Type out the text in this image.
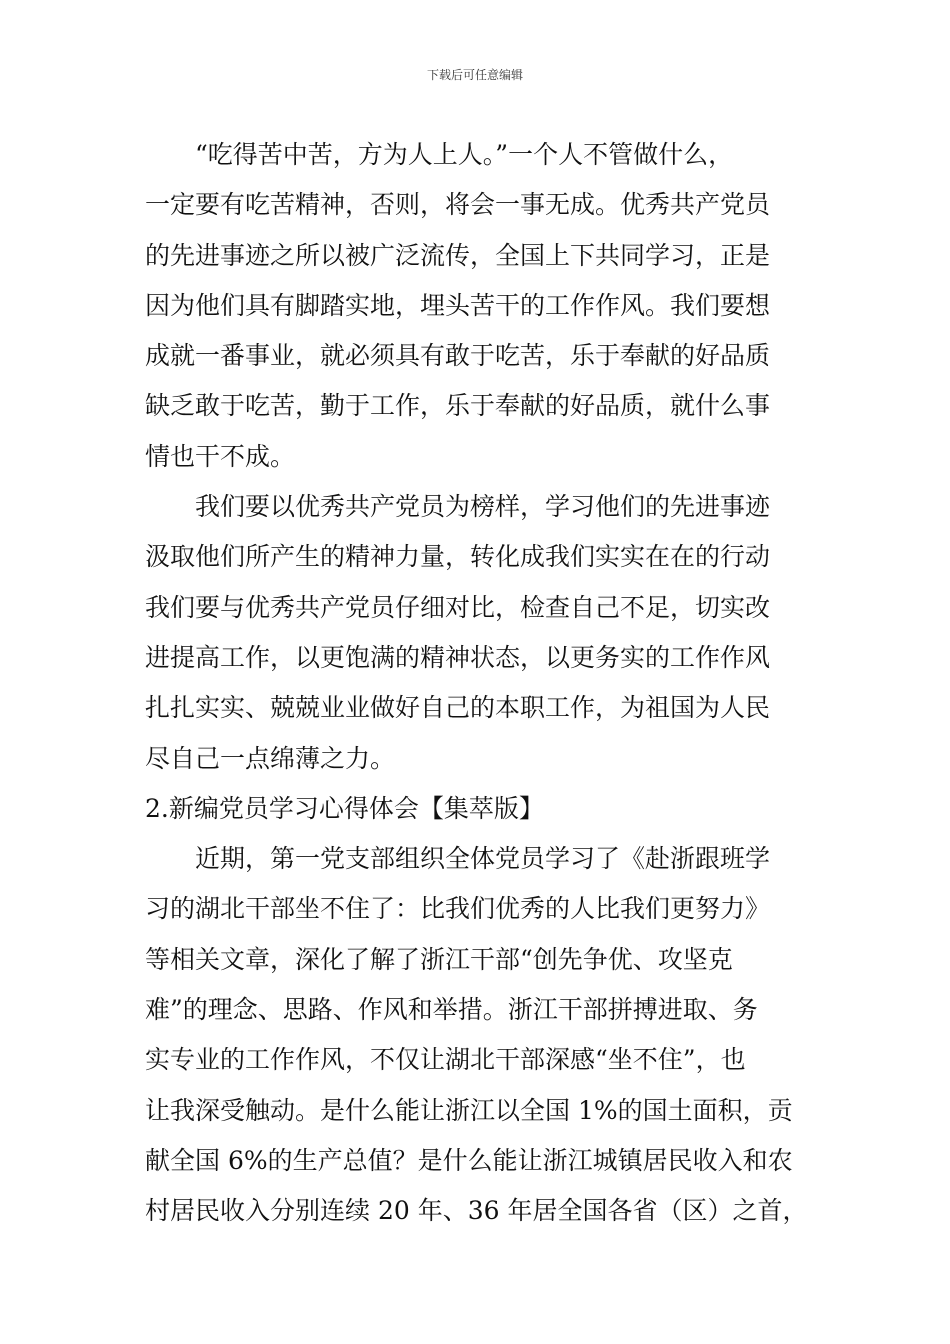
下载后可任意编辑
“吃得苦中苦，方为人上人。”一个人不管做什么，
一定要有吃苦精神，否则，将会一事无成。优秀共产党员
的先进事迹之所以被广泛流传，全国上下共同学习，正是
因为他们具有脚踏实地，埋头苦干的工作作风。我们要想
成就一番事业，就必须具有敢于吃苦，乐于奉献的好品质
缺乏敢于吃苦，勤于工作，乐于奉献的好品质，就什么事
情也干不成。
我们要以优秀共产党员为榜样，学习他们的先进事迹
汲取他们所产生的精神力量，转化成我们实实在在的行动
我们要与优秀共产党员仔细对比，检查自己不足，切实改
进提高工作，以更饱满的精神状态，以更务实的工作作风
扎扎实实、兢兢业业做好自己的本职工作，为祖国为人民
尽自己一点绵薄之力。
2.新编党员学习心得体会【集萃版】
近期，第一党支部组织全体党员学习了《赴浙跟班学
习的湖北干部坐不住了：比我们优秀的人比我们更努力》
等相关文章，深化了解了浙江干部“创先争优、攻坚克
难”的理念、思路、作风和举措。浙江干部拼搏进取、务
实专业的工作作风，不仅让湖北干部深感“坐不住”，也
让我深受触动。是什么能让浙江以全国 1%的国土面积，贡
献全国 6%的生产总值？是什么能让浙江城镇居民收入和农
村居民收入分别连续 20 年、36 年居全国各省（区）之首，
